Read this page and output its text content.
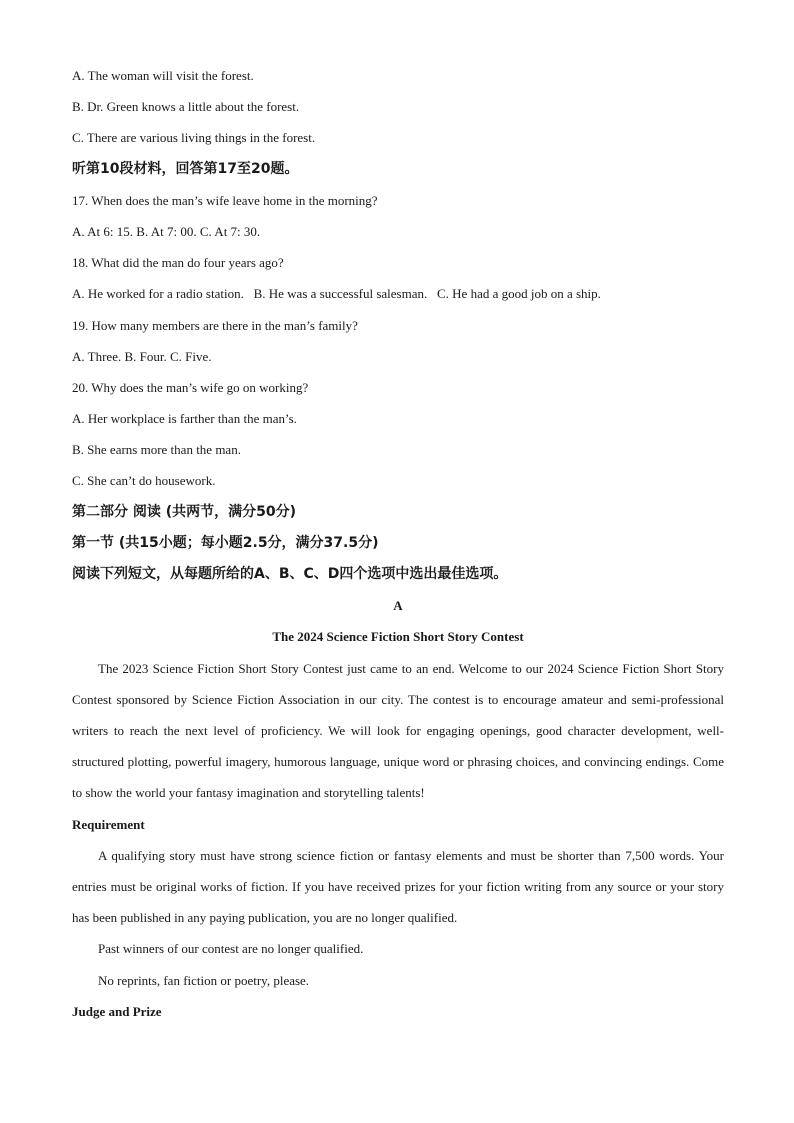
A. The woman will visit the forest.
B. Dr. Green knows a little about the forest.
C. There are various living things in the forest.
听第10段材料，回答第17至20题。
17. When does the man’s wife leave home in the morning?
A. At 6: 15. B. At 7: 00. C. At 7: 30.
18. What did the man do four years ago?
A. He worked for a radio station.   B. He was a successful salesman.   C. He had a good job on a ship.
19. How many members are there in the man’s family?
A. Three. B. Four. C. Five.
20. Why does the man’s wife go on working?
A. Her workplace is farther than the man’s.
B. She earns more than the man.
C. She can’t do housework.
第二部分 阅读 (共两节，满分50分)
第一节 (共15小题；每小题2.5分，满分37.5分)
阅读下列短文，从每题所给的A、B、C、D四个选项中选出最佳选项。
A
The 2024 Science Fiction Short Story Contest

The 2023 Science Fiction Short Story Contest just came to an end. Welcome to our 2024 Science Fiction Short Story Contest sponsored by Science Fiction Association in our city. The contest is to encourage amateur and semi-professional writers to reach the next level of proficiency. We will look for engaging openings, good character development, well-structured plotting, powerful imagery, humorous language, unique word or phrasing choices, and convincing endings. Come to show the world your fantasy imagination and storytelling talents!

Requirement

A qualifying story must have strong science fiction or fantasy elements and must be shorter than 7,500 words. Your entries must be original works of fiction. If you have received prizes for your fiction writing from any source or your story has been published in any paying publication, you are no longer qualified.

Past winners of our contest are no longer qualified.

No reprints, fan fiction or poetry, please.

Judge and Prize
